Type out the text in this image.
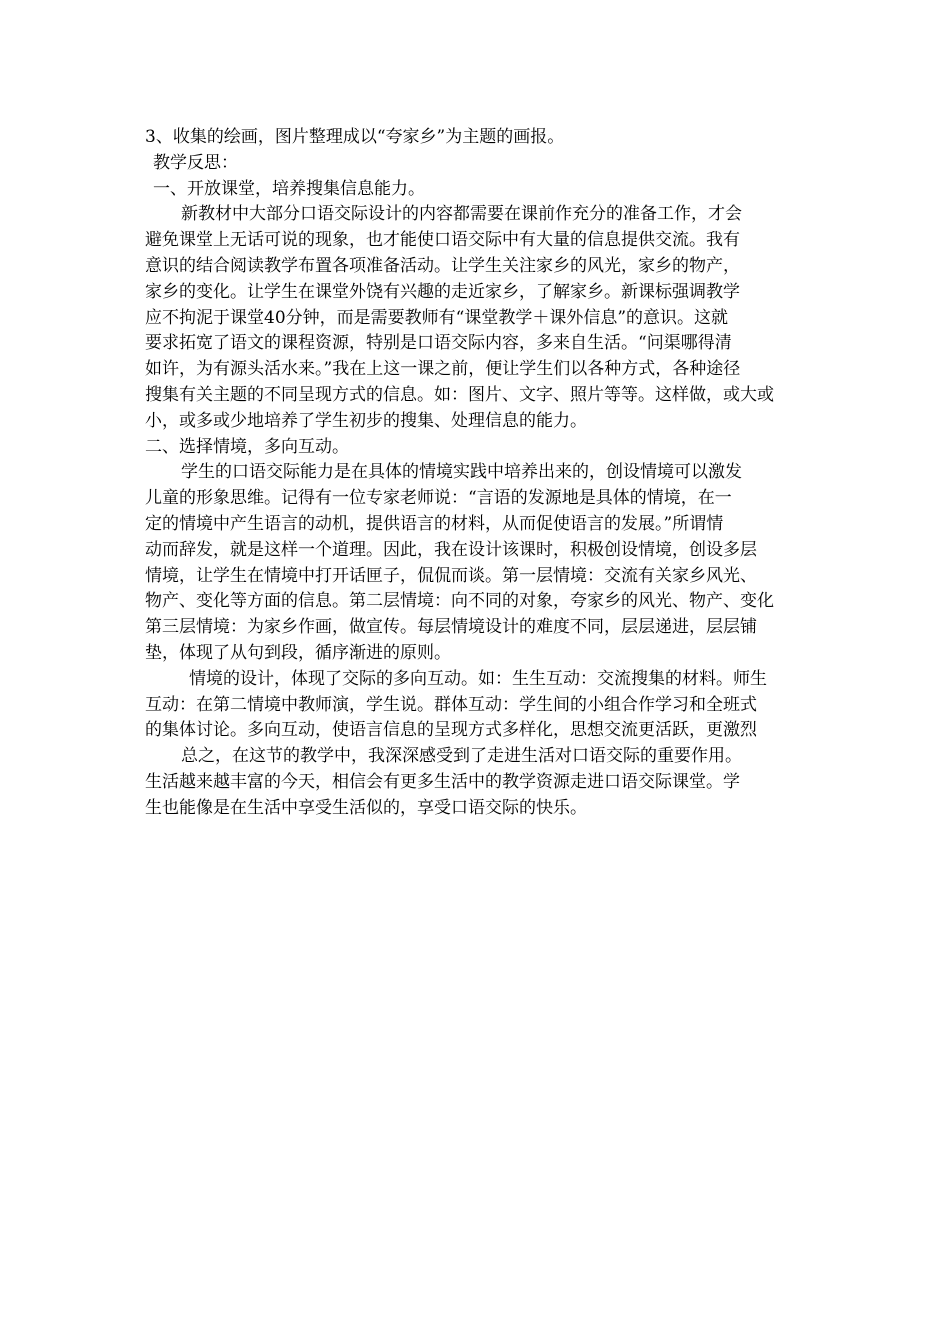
3、收集的绘画，图片整理成以“夸家乡”为主题的画报。
教学反思：
一、开放课堂，培养搜集信息能力。
新教材中大部分口语交际设计的内容都需要在课前作充分的准备工作，才会
避免课堂上无话可说的现象，也才能使口语交际中有大量的信息提供交流。我有
意识的结合阅读教学布置各项准备活动。让学生关注家乡的风光，家乡的物产，
家乡的变化。让学生在课堂外饶有兴趣的走近家乡，了解家乡。新课标强调教学
应不拘泥于课堂40分钟，而是需要教师有“课堂教学＋课外信息”的意识。这就
要求拓宽了语文的课程资源，特别是口语交际内容，多来自生活。“问渠哪得清
如许，为有源头活水来。”我在上这一课之前，便让学生们以各种方式，各种途径
搜集有关主题的不同呈现方式的信息。如：图片、文字、照片等等。这样做，或大或
小，或多或少地培养了学生初步的搜集、处理信息的能力。
二、选择情境，多向互动。
学生的口语交际能力是在具体的情境实践中培养出来的，创设情境可以激发
儿童的形象思维。记得有一位专家老师说：“言语的发源地是具体的情境，在一
定的情境中产生语言的动机，提供语言的材料，从而促使语言的发展。”所谓情
动而辞发，就是这样一个道理。因此，我在设计该课时，积极创设情境，创设多层
情境，让学生在情境中打开话匣子，侃侃而谈。第一层情境：交流有关家乡风光、
物产、变化等方面的信息。第二层情境：向不同的对象，夸家乡的风光、物产、变化
第三层情境：为家乡作画，做宣传。每层情境设计的难度不同，层层递进，层层铺
垫，体现了从句到段，循序渐进的原则。
情境的设计，体现了交际的多向互动。如：生生互动：交流搜集的材料。师生
互动：在第二情境中教师演，学生说。群体互动：学生间的小组合作学习和全班式
的集体讨论。多向互动，使语言信息的呈现方式多样化，思想交流更活跃，更激烈
总之，在这节的教学中，我深深感受到了走进生活对口语交际的重要作用。
生活越来越丰富的今天，相信会有更多生活中的教学资源走进口语交际课堂。学
生也能像是在生活中享受生活似的，享受口语交际的快乐。
